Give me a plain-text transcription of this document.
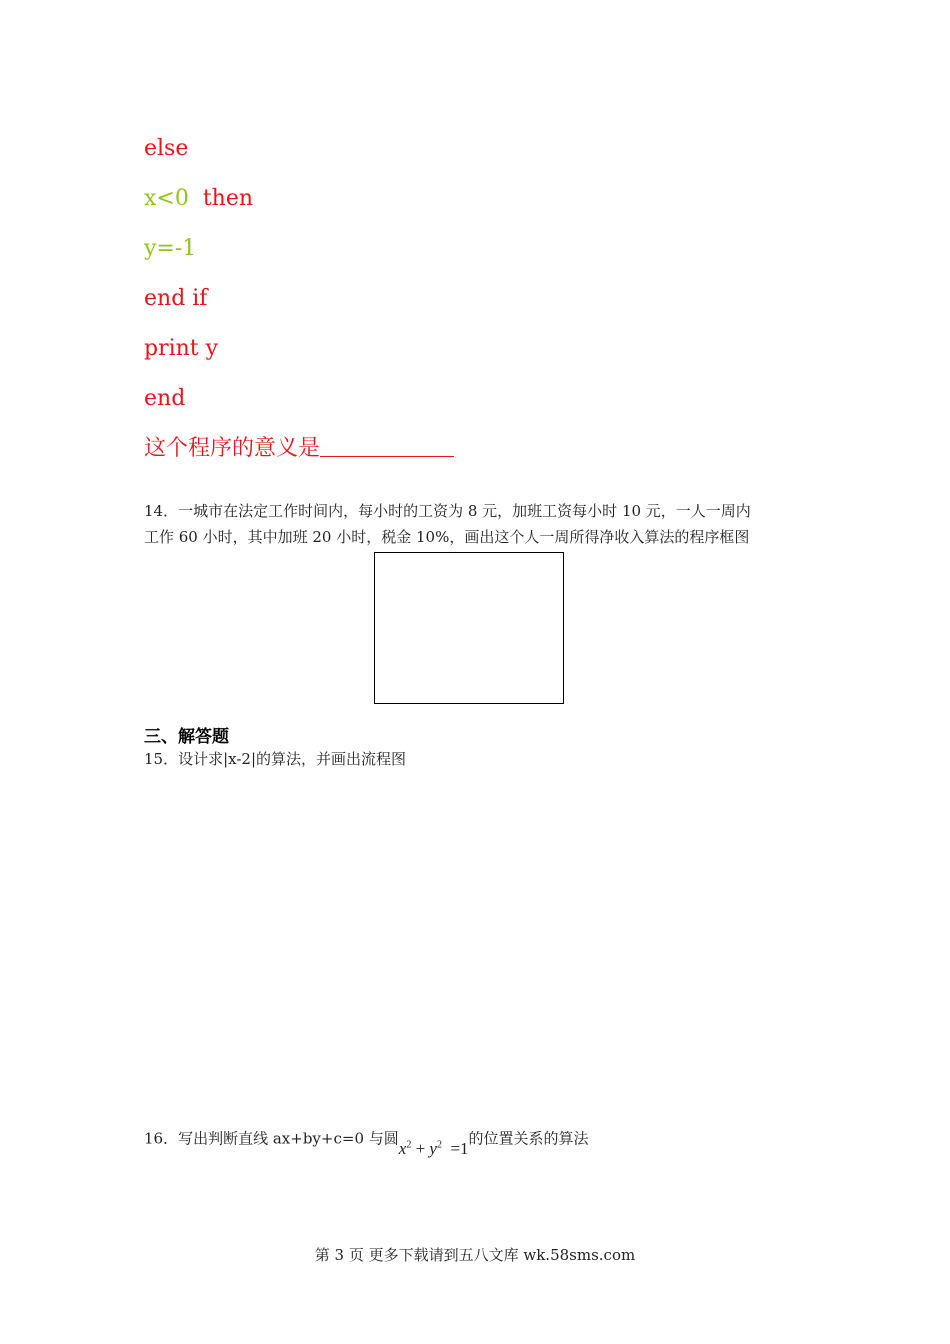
else
x<0 then
y=-1
end if
print y
end
这个程序的意义是
14．一城市在法定工作时间内，每小时的工资为 8 元，加班工资每小时 10 元，一人一周内
工作 60 小时，其中加班 20 小时，税金 10%，画出这个人一周所得净收入算法的程序框图
三、解答题
15．设计求|x-2|的算法，并画出流程图
16．写出判断直线 ax+by+c=0 与圆$x^2 + y^2 =1$的位置关系的算法
第 3 页 更多下载请到五八文库 wk.58sms.com
